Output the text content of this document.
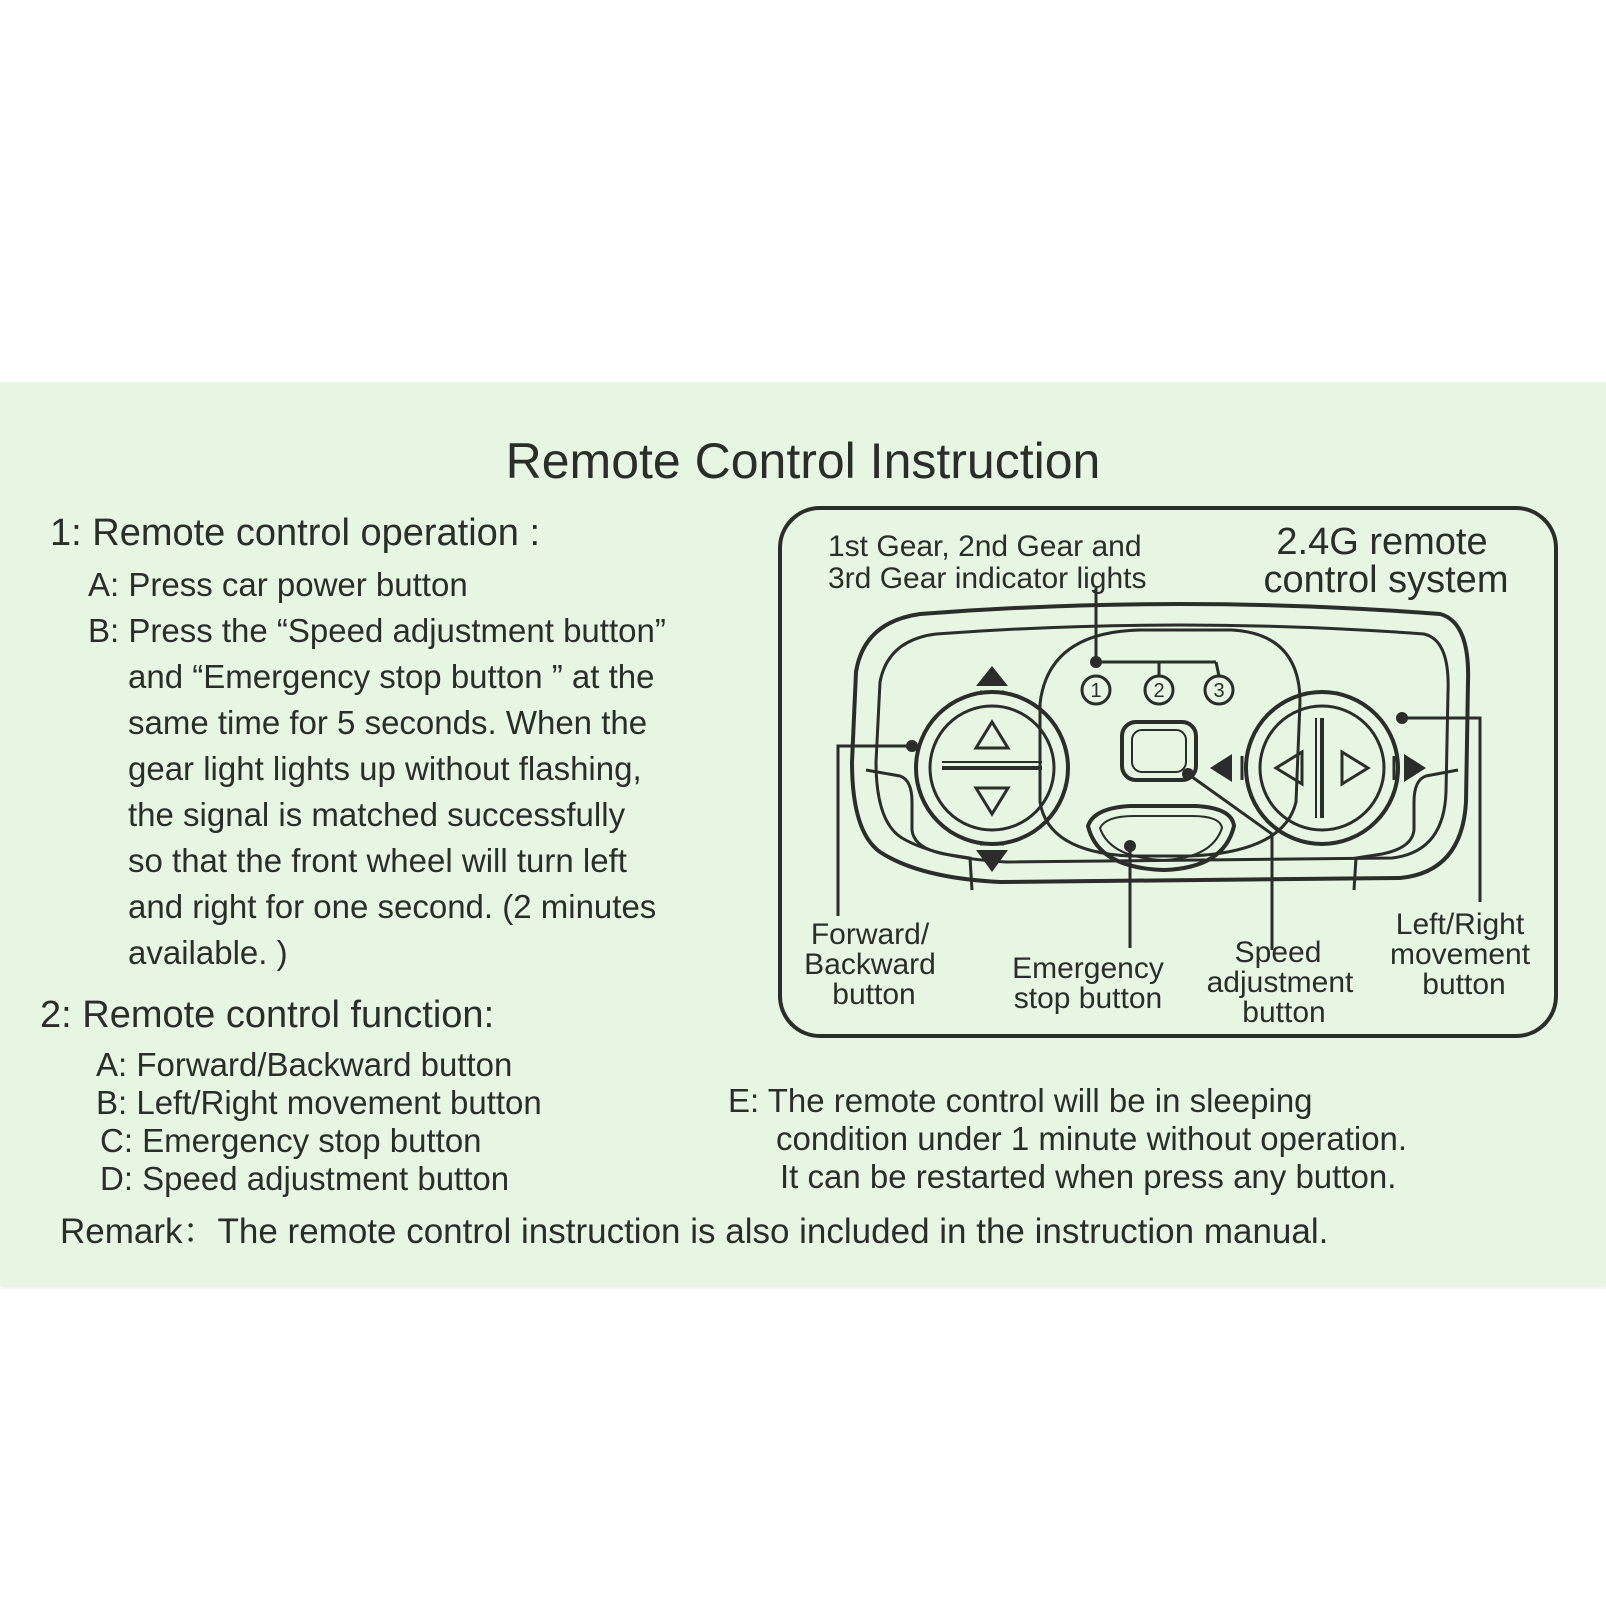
Remote Control Instruction
1: Remote control operation :
A: Press car power button
B: Press the “Speed adjustment button”
and “Emergency stop button ” at the
same time for 5 seconds. When the
gear light lights up without flashing,
the signal is matched successfully
so that the front wheel will turn left
and right for one second. (2 minutes
available. )
2: Remote control function:
A: Forward/Backward button
B: Left/Right movement button
C: Emergency stop button
D: Speed adjustment button
E: The remote control will be in sleeping
condition under 1 minute without operation.
It can be restarted when press any button.
Remark：The remote control instruction is also included in the instruction manual.
1st Gear, 2nd Gear and
3rd Gear indicator lights
2.4G remote
control system
1	2 3
Forward/
Backward
button
Emergency
stop button
Speed
adjustment
button
Left/Right
movement
button
